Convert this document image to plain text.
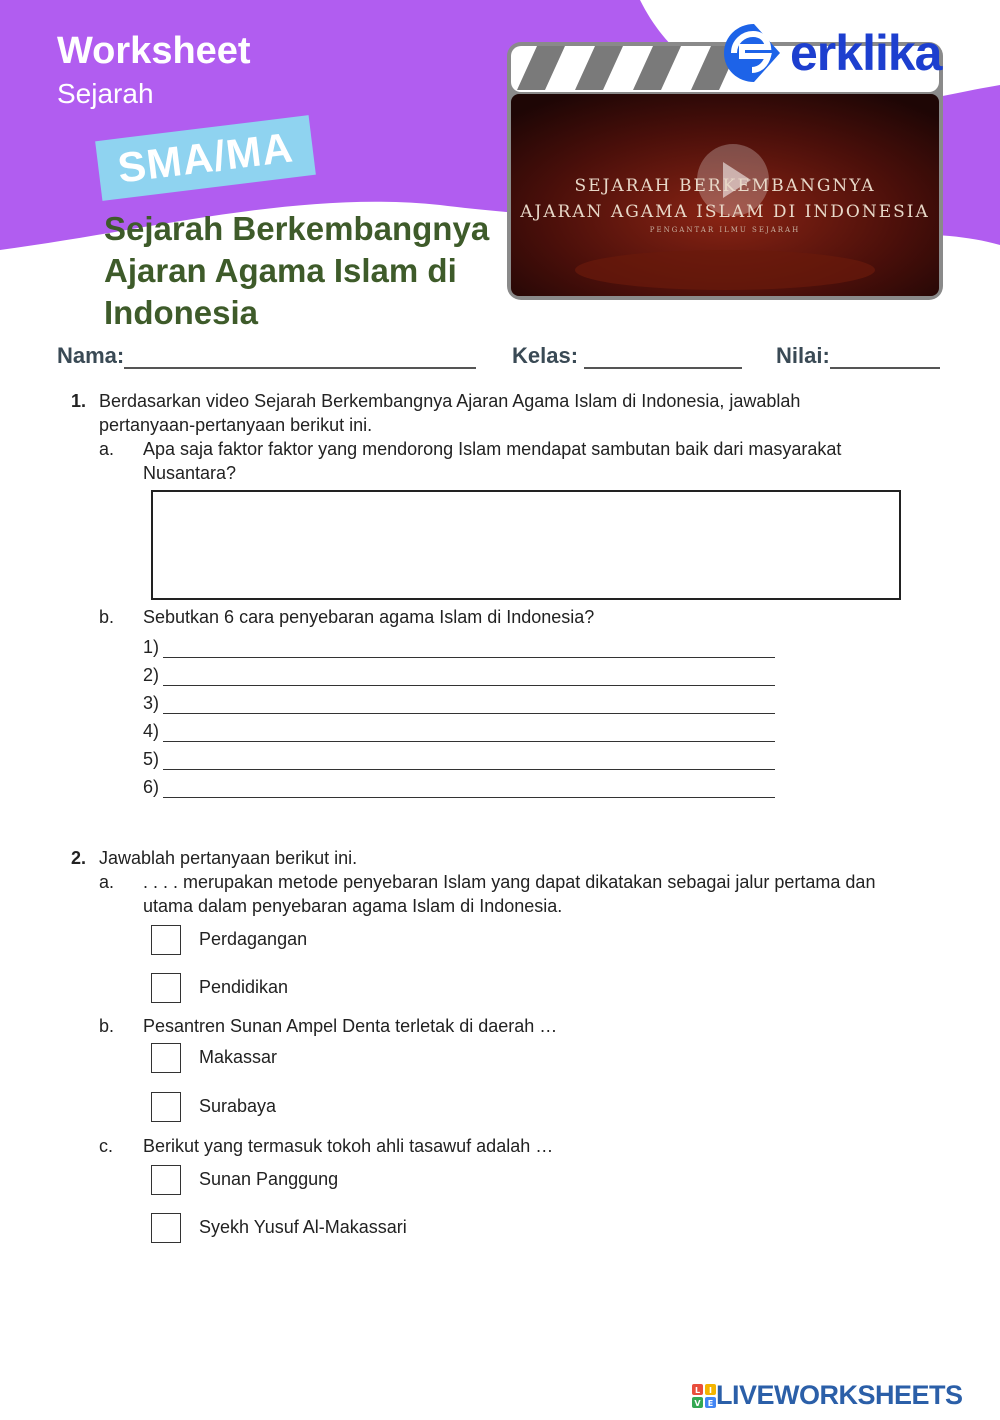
Worksheet
Sejarah
SMA/MA
Sejarah Berkembangnya Ajaran Agama Islam di Indonesia
SEJARAH BERKEMBANGNYA
AJARAN AGAMA ISLAM DI INDONESIA
PENGANTAR ILMU SEJARAH
erklika
Nama:	Kelas:	Nilai:
1. Berdasarkan video Sejarah Berkembangnya Ajaran Agama Islam di Indonesia, jawablah
pertanyaan-pertanyaan berikut ini.
a. Apa saja faktor faktor yang mendorong Islam mendapat sambutan baik dari masyarakat
Nusantara?
b. Sebutkan 6 cara penyebaran agama Islam di Indonesia?
1)
2)
3)
4)
5)
6)
2. Jawablah pertanyaan berikut ini.
a. . . . . merupakan metode penyebaran Islam yang dapat dikatakan sebagai jalur pertama dan
utama dalam penyebaran agama Islam di Indonesia.
Perdagangan
Pendidikan
b. Pesantren Sunan Ampel Denta terletak di daerah …
Makassar
Surabaya
c. Berikut yang termasuk tokoh ahli tasawuf adalah …
Sunan Panggung
Syekh Yusuf Al-Makassari
L I
V E LIVEWORKSHEETS
